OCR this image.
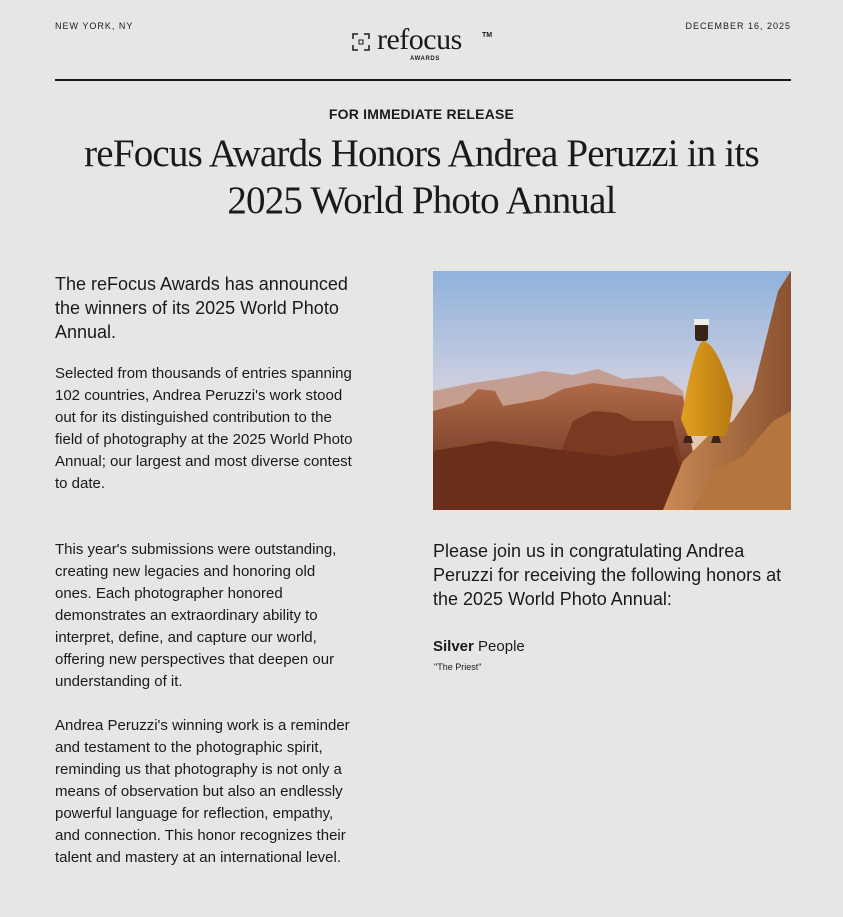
NEW YORK, NY	refocus	TM
AWARDS
DECEMBER 16, 2025
FOR IMMEDIATE RELEASE
reFocus Awards Honors Andrea Peruzzi in its
2025 World Photo Annual
The reFocus Awards has announced the winners of its 2025 World Photo Annual.
Selected from thousands of entries spanning 102 countries, Andrea Peruzzi's work stood out for its distinguished contribution to the field of photography at the 2025 World Photo Annual; our largest and most diverse contest to date.
This year's submissions were outstanding, creating new legacies and honoring old ones. Each photographer honored demonstrates an extraordinary ability to interpret, define, and capture our world, offering new perspectives that deepen our understanding of it.
Andrea Peruzzi's winning work is a reminder and testament to the photographic spirit, reminding us that photography is not only a means of observation but also an endlessly powerful language for reflection, empathy, and connection. This honor recognizes their talent and mastery at an international level.
Please join us in congratulating Andrea Peruzzi for receiving the following honors at the 2025 World Photo Annual:
Silver People
"The Priest"
